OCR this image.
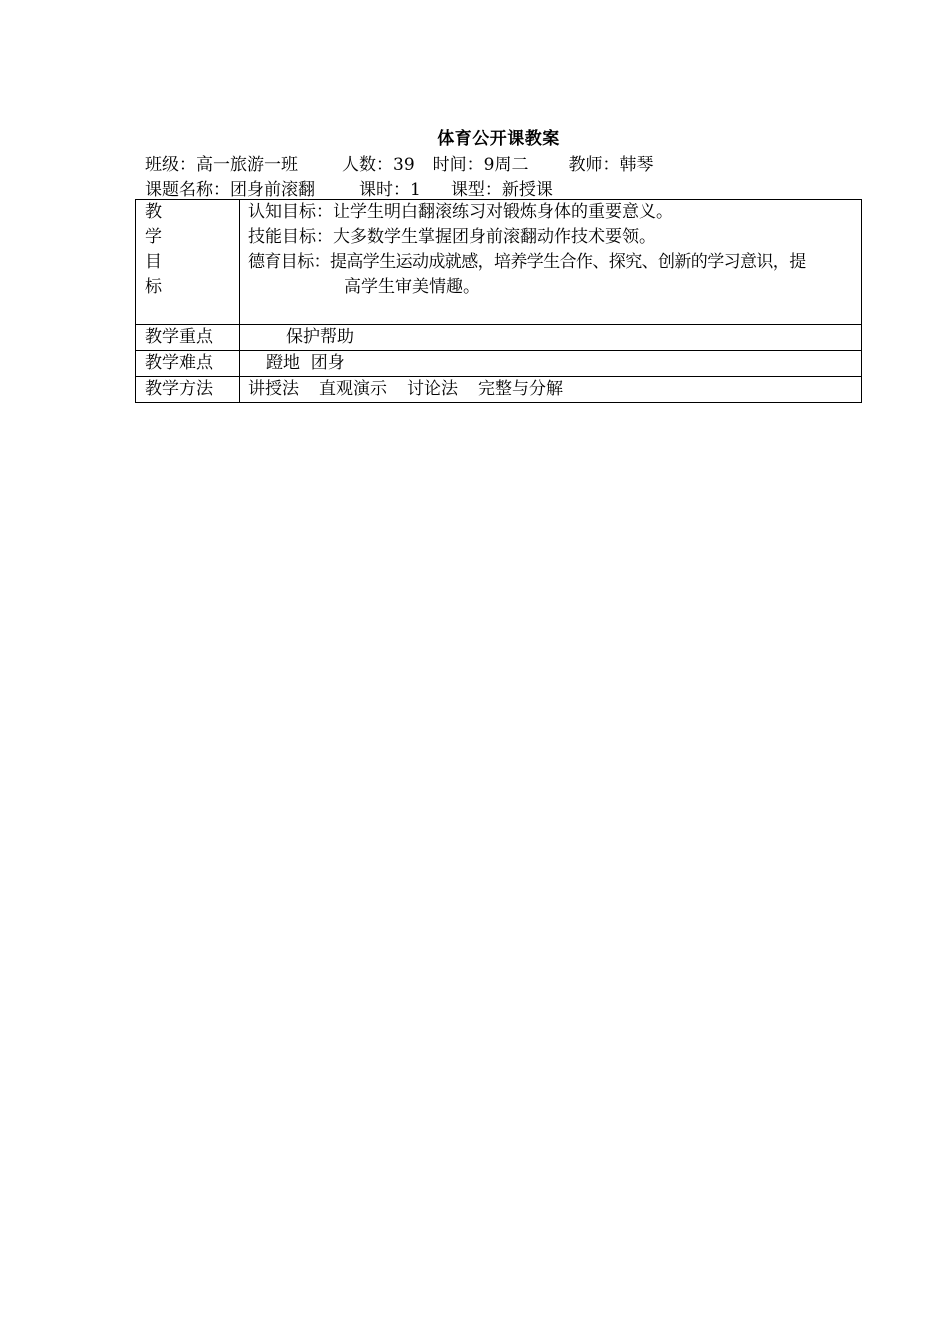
体育公开课教案
班级：高一旅游一班	人数：39 时间：9周二 教师：韩琴
课题名称：团身前滚翻	课时：1 课型：新授课
教
学
目
标	认知目标：让学生明白翻滚练习对锻炼身体的重要意义。
技能目标：大多数学生掌握团身前滚翻动作技术要领。
德育目标：提高学生运动成就感，培养学生合作、探究、创新的学习意识，提
高学生审美情趣。

教学重点	保护帮助
教学难点	蹬地  团身
教学方法	讲授法 直观演示 讨论法 完整与分解
